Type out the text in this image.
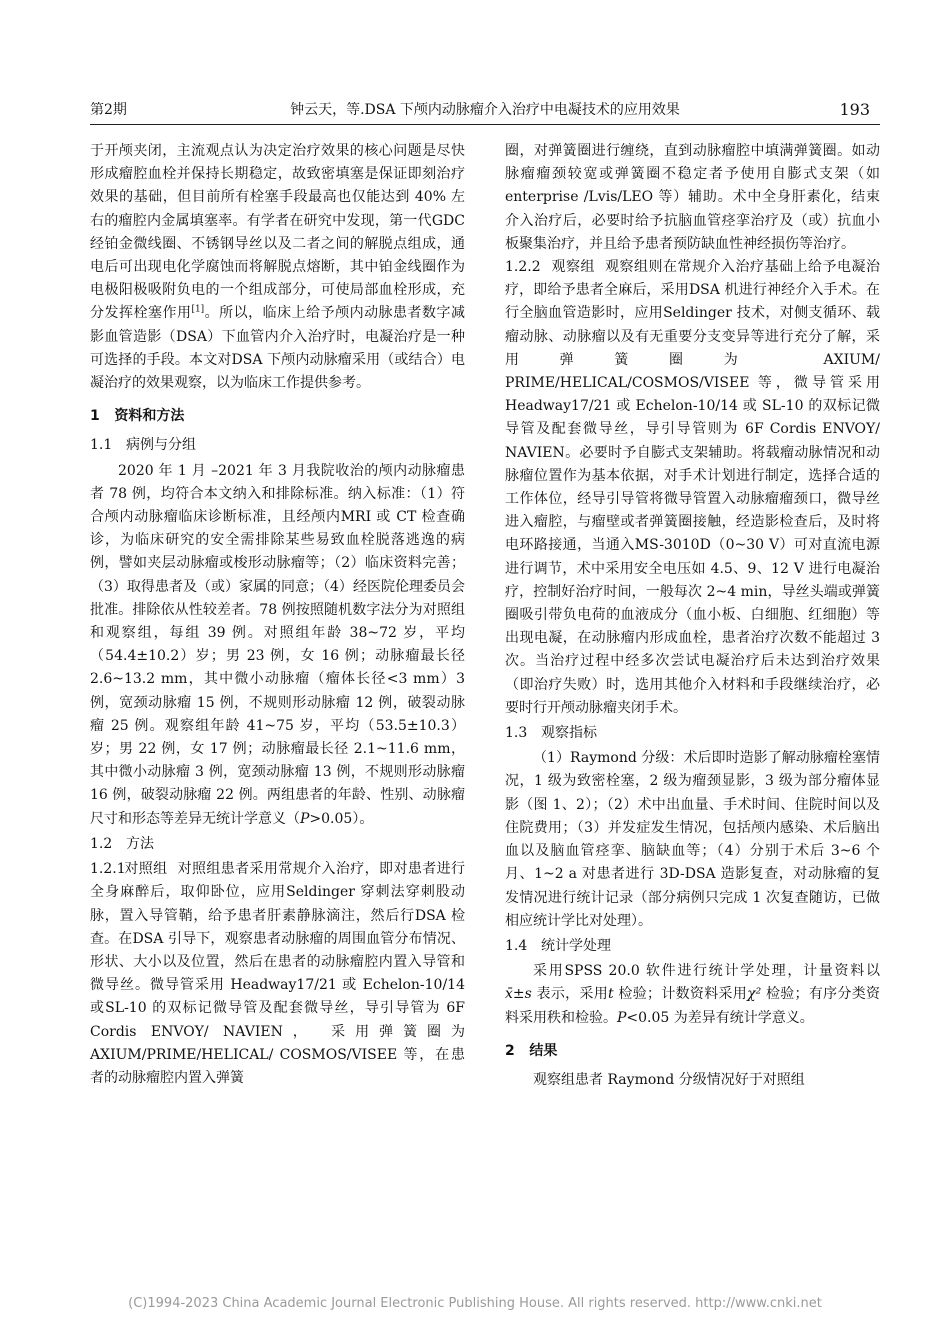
第2期	钟云天，等.DSA 下颅内动脉瘤介入治疗中电凝技术的应用效果	193

于开颅夹闭，主流观点认为决定治疗效果的核心问题是尽快形成瘤腔血栓并保持长期稳定，故致密填塞是保证即刻治疗效果的基础，但目前所有栓塞手段最高也仅能达到 40% 左右的瘤腔内金属填塞率。有学者在研究中发现，第一代GDC 经铂金微线圈、不锈钢导丝以及二者之间的解脱点组成，通电后可出现电化学腐蚀而将解脱点熔断，其中铂金线圈作为电极阳极吸附负电的一个组成部分，可使局部血栓形成，充分发挥栓塞作用[1]。所以，临床上给予颅内动脉患者数字减影血管造影（DSA）下血管内介入治疗时，电凝治疗是一种可选择的手段。本文对DSA 下颅内动脉瘤采用（或结合）电凝治疗的效果观察，以为临床工作提供参考。

1 资料和方法
1.1 病例与分组

2020 年 1 月 –2021 年 3 月我院收治的颅内动脉瘤患者 78 例，均符合本文纳入和排除标准。纳入标准：（1）符合颅内动脉瘤临床诊断标准，且经颅内MRI 或 CT 检查确诊，为临床研究的安全需排除某些易致血栓脱落逃逸的病例，譬如夹层动脉瘤或梭形动脉瘤等；（2）临床资料完善；（3）取得患者及（或）家属的同意；（4）经医院伦理委员会批准。排除依从性较差者。78 例按照随机数字法分为对照组和观察组，每组 39 例。对照组年龄 38~72 岁，平均（54.4±10.2）岁；男 23 例，女 16 例；动脉瘤最长径 2.6~13.2 mm，其中微小动脉瘤（瘤体长径<3 mm）3 例，宽颈动脉瘤 15 例，不规则形动脉瘤 12 例，破裂动脉瘤 25 例。观察组年龄 41~75 岁，平均（53.5±10.3）岁；男 22 例，女 17 例；动脉瘤最长径 2.1~11.6 mm，其中微小动脉瘤 3 例，宽颈动脉瘤 13 例，不规则形动脉瘤 16 例，破裂动脉瘤 22 例。两组患者的年龄、性别、动脉瘤尺寸和形态等差异无统计学意义（P>0.05）。

1.2 方法

1.2.1对照组 对照组患者采用常规介入治疗，即对患者进行全身麻醉后，取仰卧位，应用Seldinger 穿刺法穿刺股动脉，置入导管鞘，给予患者肝素静脉滴注，然后行DSA 检查。在DSA 引导下，观察患者动脉瘤的周围血管分布情况、形状、大小以及位置，然后在患者的动脉瘤腔内置入导管和微导丝。微导管采用 Headway17/21 或 Echelon-10/14 或SL-10 的双标记微导管及配套微导丝，导引导管为 6F Cordis ENVOY/ NAVIEN， 采用弹簧圈为 AXIUM/PRIME/HELICAL/ COSMOS/VISEE 等，在患者的动脉瘤腔内置入弹簧

圈，对弹簧圈进行缠绕，直到动脉瘤腔中填满弹簧圈。如动脉瘤瘤颈较宽或弹簧圈不稳定者予使用自膨式支架（如enterprise /Lvis/LEO 等）辅助。术中全身肝素化，结束介入治疗后，必要时给予抗脑血管痉挛治疗及（或）抗血小板聚集治疗，并且给予患者预防缺血性神经损伤等治疗。

1.2.2 观察组 观察组则在常规介入治疗基础上给予电凝治疗，即给予患者全麻后，采用DSA 机进行神经介入手术。在行全脑血管造影时，应用Seldinger 技术，对侧支循环、载瘤动脉、动脉瘤以及有无重要分支变异等进行充分了解，采用弹簧圈为 AXIUM/ PRIME/HELICAL/COSMOS/VISEE 等，微导管采用 Headway17/21 或 Echelon-10/14 或 SL-10 的双标记微导管及配套微导丝，导引导管则为 6F Cordis ENVOY/ NAVIEN。必要时予自膨式支架辅助。将载瘤动脉情况和动脉瘤位置作为基本依据，对手术计划进行制定，选择合适的工作体位，经导引导管将微导管置入动脉瘤瘤颈口，微导丝进入瘤腔，与瘤壁或者弹簧圈接触，经造影检查后，及时将电环路接通，当通入MS-3010D（0~30 V）可对直流电源进行调节，术中采用安全电压如 4.5、9、12 V 进行电凝治疗，控制好治疗时间，一般每次 2~4 min，导丝头端或弹簧圈吸引带负电荷的血液成分（血小板、白细胞、红细胞）等出现电凝，在动脉瘤内形成血栓，患者治疗次数不能超过 3 次。当治疗过程中经多次尝试电凝治疗后未达到治疗效果（即治疗失败）时，选用其他介入材料和手段继续治疗，必要时行开颅动脉瘤夹闭手术。

1.3 观察指标

（1）Raymond 分级：术后即时造影了解动脉瘤栓塞情况，1 级为致密栓塞，2 级为瘤颈显影，3 级为部分瘤体显影（图 1、2）；（2）术中出血量、手术时间、住院时间以及住院费用；（3）并发症发生情况，包括颅内感染、术后脑出血以及脑血管痉挛、脑缺血等；（4）分别于术后 3~6 个月、1~2 a 对患者进行 3D-DSA 造影复查，对动脉瘤的复发情况进行统计记录（部分病例只完成 1 次复查随访，已做相应统计学比对处理）。

1.4 统计学处理

采用SPSS 20.0 软件进行统计学处理，计量资料以 x̄±s 表示，采用t 检验；计数资料采用χ² 检验；有序分类资料采用秩和检验。P<0.05 为差异有统计学意义。

2 结果

观察组患者 Raymond 分级情况好于对照组

(C)1994-2023 China Academic Journal Electronic Publishing House. All rights reserved. http://www.cnki.net
